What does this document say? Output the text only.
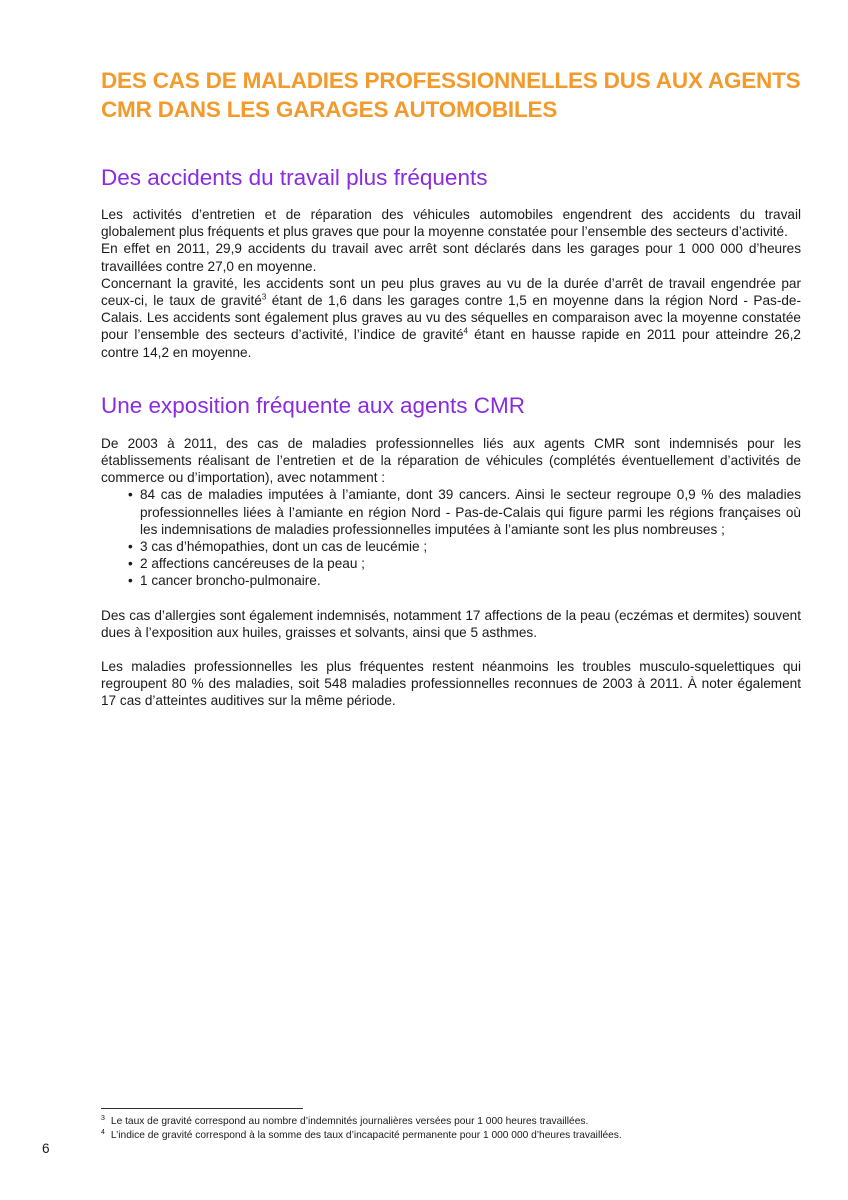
DES CAS DE MALADIES PROFESSIONNELLES DUS AUX AGENTS
CMR DANS LES GARAGES AUTOMOBILES
Des accidents du travail plus fréquents

Les activités d’entretien et de réparation des véhicules automobiles engendrent des accidents du travail globalement plus fréquents et plus graves que pour la moyenne constatée pour l’ensemble des secteurs d’activité.

En effet en 2011, 29,9 accidents du travail avec arrêt sont déclarés dans les garages pour 1 000 000 d’heures travaillées contre 27,0 en moyenne.

Concernant la gravité, les accidents sont un peu plus graves au vu de la durée d’arrêt de travail engendrée par ceux-ci, le taux de gravité$^3$ étant de 1,6 dans les garages contre 1,5 en moyenne dans la région Nord - Pas-de-Calais. Les accidents sont également plus graves au vu des séquelles en comparaison avec la moyenne constatée pour l’ensemble des secteurs d’activité, l’indice de gravité$^4$ étant en hausse rapide en 2011 pour atteindre 26,2 contre 14,2 en moyenne.

Une exposition fréquente aux agents CMR

De 2003 à 2011, des cas de maladies professionnelles liés aux agents CMR sont indemnisés pour les établissements réalisant de l’entretien et de la réparation de véhicules (complétés éventuellement d’activités de commerce ou d’importation), avec notamment :

• 84 cas de maladies imputées à l’amiante, dont 39 cancers. Ainsi le secteur regroupe 0,9 % des maladies professionnelles liées à l’amiante en région Nord - Pas-de-Calais qui figure parmi les régions françaises où les indemnisations de maladies professionnelles imputées à l’amiante sont les plus nombreuses ;
• 3 cas d’hémopathies, dont un cas de leucémie ;
• 2 affections cancéreuses de la peau ;
• 1 cancer broncho-pulmonaire.

Des cas d’allergies sont également indemnisés, notamment 17 affections de la peau (eczémas et dermites) souvent dues à l’exposition aux huiles, graisses et solvants, ainsi que 5 asthmes.

Les maladies professionnelles les plus fréquentes restent néanmoins les troubles musculo-squelettiques qui regroupent 80 % des maladies, soit 548 maladies professionnelles reconnues de 2003 à 2011. À noter également 17 cas d’atteintes auditives sur la même période.

$^3$ Le taux de gravité correspond au nombre d’indemnités journalières versées pour 1 000 heures travaillées.
$^4$ L’indice de gravité correspond à la somme des taux d’incapacité permanente pour 1 000 000 d’heures travaillées.
6
